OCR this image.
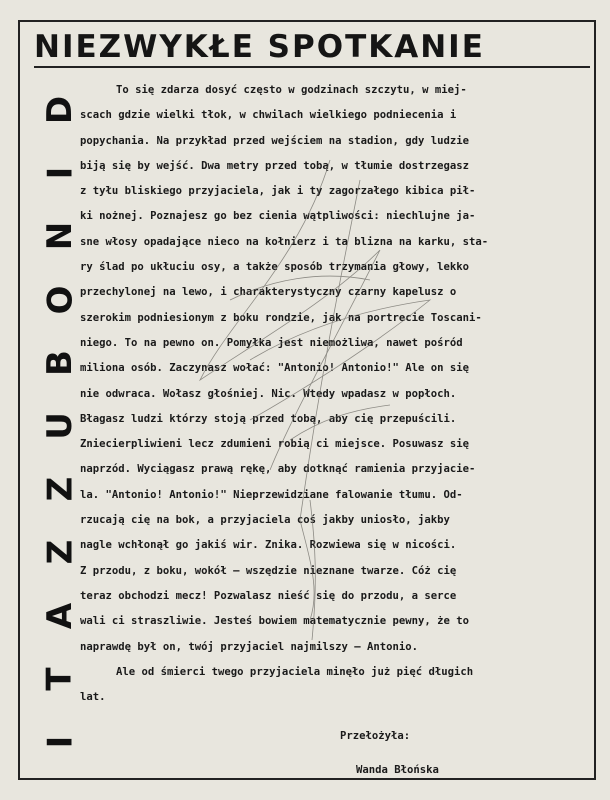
NIEZWYKŁE SPOTKANIE
D
I
N
O
B
U
Z
Z
A
T
I
To się zdarza dosyć często w godzinach szczytu, w miej-
scach gdzie wielki tłok, w chwilach wielkiego podniecenia i
popychania. Na przykład przed wejściem na stadion, gdy ludzie
biją się by wejść. Dwa metry przed tobą, w tłumie dostrzegasz
z tyłu bliskiego przyjaciela, jak i ty zagorzałego kibica pił-
ki nożnej. Poznajesz go bez cienia wątpliwości: niechlujne ja-
sne włosy opadające nieco na kołnierz i ta blizna na karku, sta-
ry ślad po ukłuciu osy, a także sposób trzymania głowy, lekko
przechylonej na lewo, i charakterystyczny czarny kapelusz o
szerokim podniesionym z boku rondzie, jak na portrecie Toscani-
niego. To na pewno on. Pomyłka jest niemożliwa, nawet pośród
miliona osób. Zaczynasz wołać: "Antonio! Antonio!" Ale on się
nie odwraca. Wołasz głośniej. Nic. Wtedy wpadasz w popłoch.
Błagasz ludzi którzy stoją przed tobą, aby cię przepuścili.
Zniecierpliwieni lecz zdumieni robią ci miejsce. Posuwasz się
naprzód. Wyciągasz prawą rękę, aby dotknąć ramienia przyjacie-
la. "Antonio! Antonio!" Nieprzewidziane falowanie tłumu. Od-
rzucają cię na bok, a przyjaciela coś jakby uniosło, jakby
nagle wchłonął go jakiś wir. Znika. Rozwiewa się w nicości.
Z przodu, z boku, wokół – wszędzie nieznane twarze. Cóż cię
teraz obchodzi mecz! Pozwalasz nieść się do przodu, a serce
wali ci straszliwie. Jesteś bowiem matematycznie pewny, że to
naprawdę był on, twój przyjaciel najmilszy – Antonio.
Ale od śmierci twego przyjaciela minęło już pięć długich
lat.
Przełożyła:
Wanda Błońska
